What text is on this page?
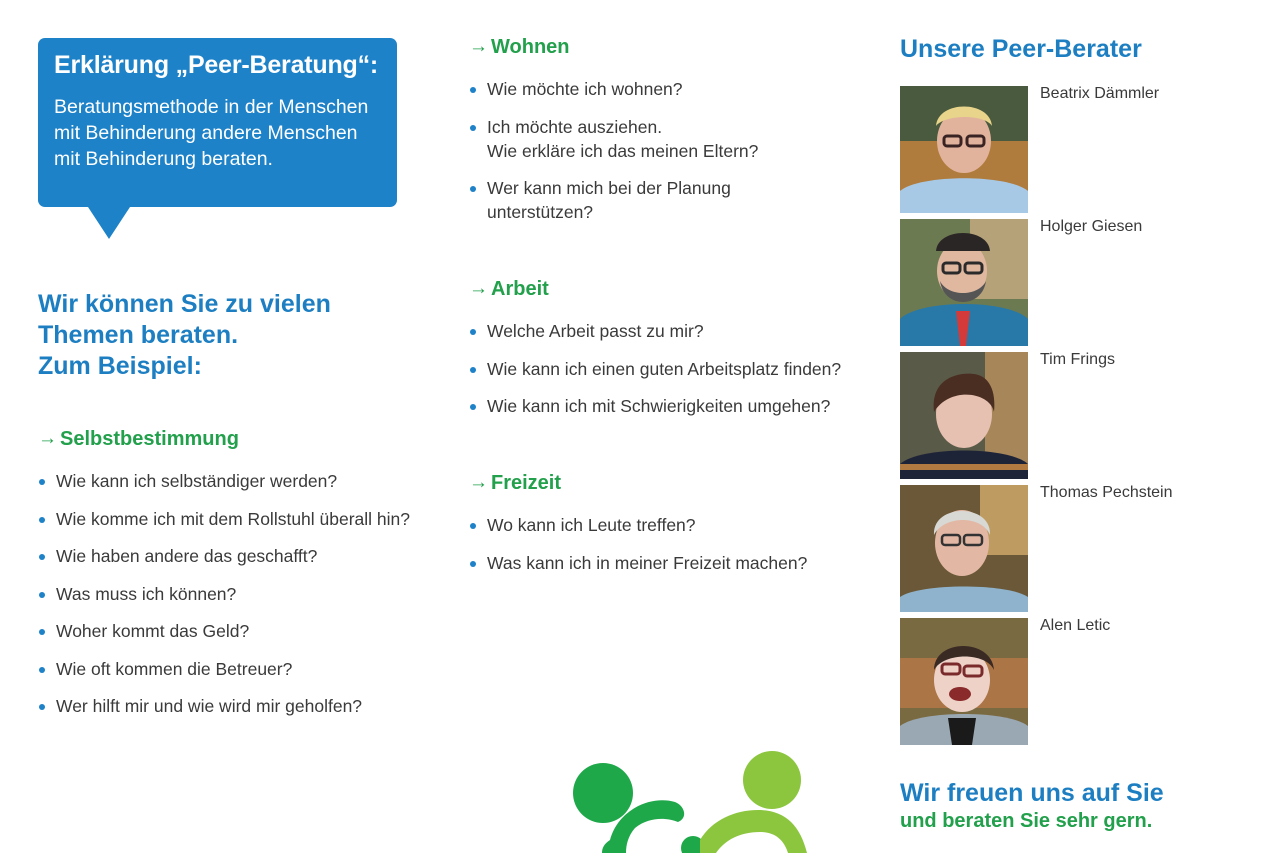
Erklärung „Peer-Beratung“:
Beratungsmethode in der Menschen
mit Behinderung andere Menschen
mit Behinderung beraten.
Wir können Sie zu vielen
Themen beraten.
Zum Beispiel:
→ Selbstbestimmung
Wie kann ich selbständiger werden?
Wie komme ich mit dem Rollstuhl überall hin?
Wie haben andere das geschafft?
Was muss ich können?
Woher kommt das Geld?
Wie oft kommen die Betreuer?
Wer hilft mir und wie wird mir geholfen?
→ Wohnen
Wie möchte ich wohnen?
Ich möchte ausziehen.
Wie erkläre ich das meinen Eltern?
Wer kann mich bei der Planung
unterstützen?
→ Arbeit
Welche Arbeit passt zu mir?
Wie kann ich einen guten Arbeitsplatz finden?
Wie kann ich mit Schwierigkeiten umgehen?
→ Freizeit
Wo kann ich Leute treffen?
Was kann ich in meiner Freizeit machen?
Unsere Peer-Berater
Beatrix Dämmler
Holger Giesen
Tim Frings
Thomas Pechstein
Alen Letic
Wir freuen uns auf Sie
und beraten Sie sehr gern.
